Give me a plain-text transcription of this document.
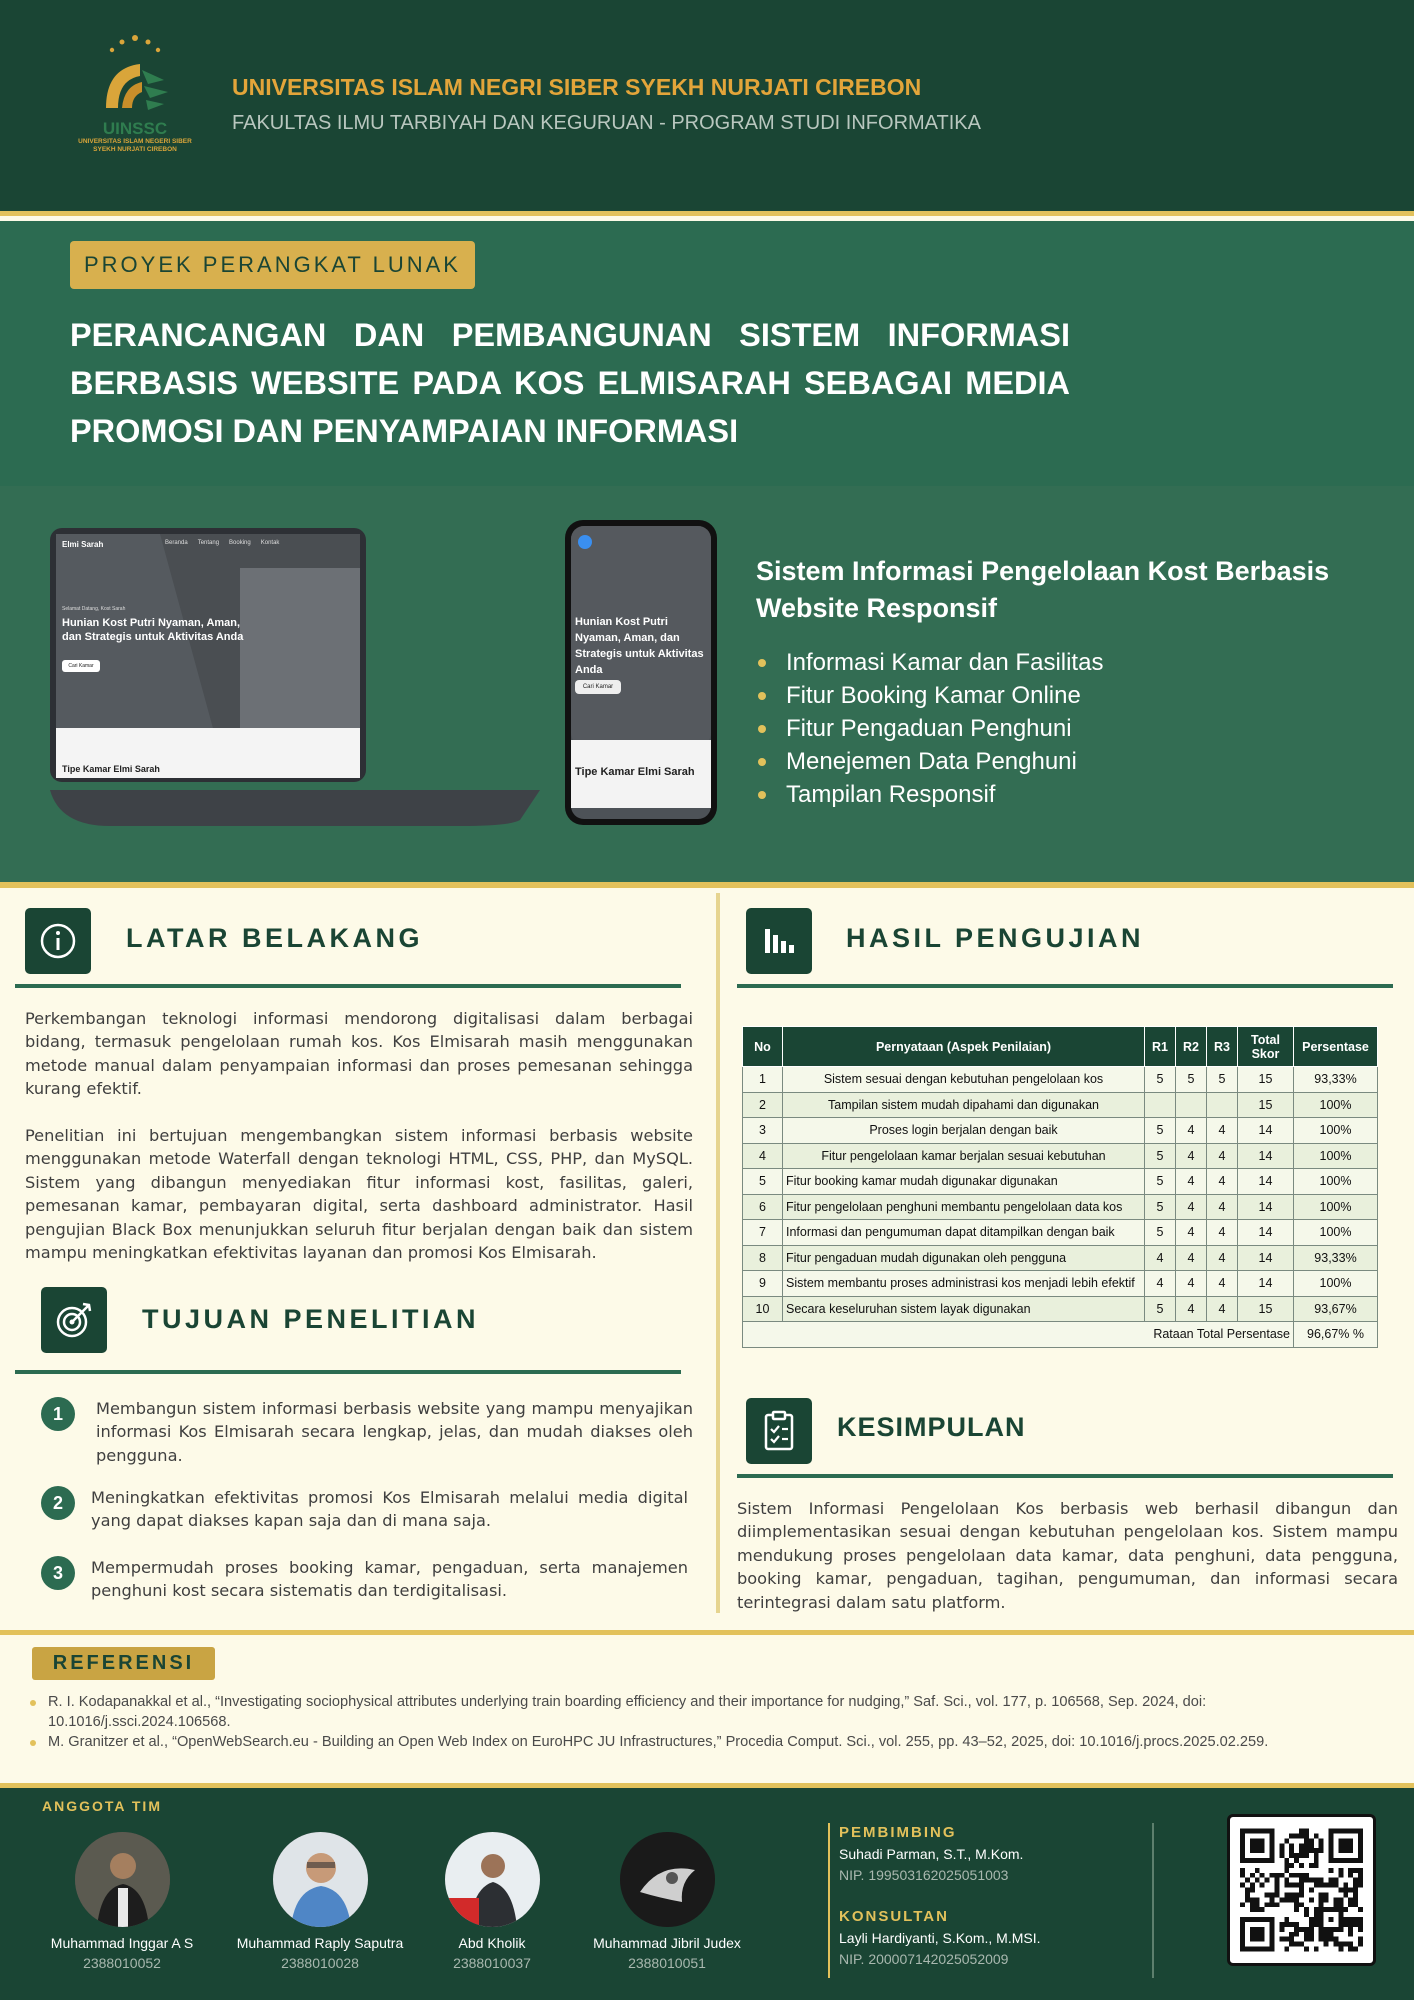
UINSSC
UNIVERSITAS ISLAM NEGERI SIBER SYEKH NURJATI CIREBON
UNIVERSITAS ISLAM NEGRI SIBER SYEKH NURJATI CIREBON
FAKULTAS ILMU TARBIYAH DAN KEGURUAN - PROGRAM STUDI INFORMATIKA
PROYEK PERANGKAT LUNAK
PERANCANGAN DAN PEMBANGUNAN SISTEM INFORMASI BERBASIS WEBSITE PADA KOS ELMISARAH SEBAGAI MEDIA PROMOSI DAN PENYAMPAIAN INFORMASI
Elmi Sarah	Beranda Tentang Booking Kontak
Selamat Datang, Kost Sarah
Hunian Kost Putri Nyaman, Aman, dan Strategis untuk Aktivitas Anda
Cari Kamar
Tipe Kamar Elmi Sarah
Hunian Kost Putri Nyaman, Aman, dan Strategis untuk Aktivitas Anda
Cari Kamar
Tipe Kamar Elmi Sarah
Sistem Informasi Pengelolaan Kost Berbasis Website Responsif
Informasi Kamar dan Fasilitas
Fitur Booking Kamar Online
Fitur Pengaduan Penghuni
Menejemen Data Penghuni
Tampilan Responsif
LATAR BELAKANG
Perkembangan teknologi informasi mendorong digitalisasi dalam berbagai bidang, termasuk pengelolaan rumah kos. Kos Elmisarah masih menggunakan metode manual dalam penyampaian informasi dan proses pemesanan sehingga kurang efektif.
Penelitian ini bertujuan mengembangkan sistem informasi berbasis website menggunakan metode Waterfall dengan teknologi HTML, CSS, PHP, dan MySQL. Sistem yang dibangun menyediakan fitur informasi kost, fasilitas, galeri, pemesanan kamar, pembayaran digital, serta dashboard administrator. Hasil pengujian Black Box menunjukkan seluruh fitur berjalan dengan baik dan sistem mampu meningkatkan efektivitas layanan dan promosi Kos Elmisarah.
TUJUAN PENELITIAN
1	Membangun sistem informasi berbasis website yang mampu menyajikan informasi Kos Elmisarah secara lengkap, jelas, dan mudah diakses oleh pengguna.
2	Meningkatkan efektivitas promosi Kos Elmisarah melalui media digital yang dapat diakses kapan saja dan di mana saja.
3	Mempermudah proses booking kamar, pengaduan, serta manajemen penghuni kost secara sistematis dan terdigitalisasi.
HASIL PENGUJIAN
No	Pernyataan (Aspek Penilaian)	R1	R2	R3	Total Skor	Persentase
1	Sistem sesuai dengan kebutuhan pengelolaan kos	5	5	5	15	93,33%
2	Tampilan sistem mudah dipahami dan digunakan				15	100%
3	Proses login berjalan dengan baik	5	4	4	14	100%
4	Fitur pengelolaan kamar berjalan sesuai kebutuhan	5	4	4	14	100%
5	Fitur booking kamar mudah digunakar digunakan	5	4	4	14	100%
6	Fitur pengelolaan penghuni membantu pengelolaan data kos	5	4	4	14	100%
7	Informasi dan pengumuman dapat ditampilkan dengan baik	5	4	4	14	100%
8	Fitur pengaduan mudah digunakan oleh pengguna	4	4	4	14	93,33%
9	Sistem membantu proses administrasi kos menjadi lebih efektif	4	4	4	14	100%
10	Secara keseluruhan sistem layak digunakan	5	4	4	15	93,67%
Rataan Total Persentase						96,67% %
KESIMPULAN
Sistem Informasi Pengelolaan Kos berbasis web berhasil dibangun dan diimplementasikan sesuai dengan kebutuhan pengelolaan kos. Sistem mampu mendukung proses pengelolaan data kamar, data penghuni, data pengguna, booking kamar, pengaduan, tagihan, pengumuman, dan informasi secara terintegrasi dalam satu platform.
REFERENSI
R. I. Kodapanakkal et al., “Investigating sociophysical attributes underlying train boarding efficiency and their importance for nudging,” Saf. Sci., vol. 177, p. 106568, Sep. 2024, doi: 10.1016/j.ssci.2024.106568.
M. Granitzer et al., “OpenWebSearch.eu - Building an Open Web Index on EuroHPC JU Infrastructures,” Procedia Comput. Sci., vol. 255, pp. 43–52, 2025, doi: 10.1016/j.procs.2025.02.259.
ANGGOTA TIM
Muhammad Inggar A S
2388010052
Muhammad Raply Saputra
2388010028
Abd Kholik
2388010037
Muhammad Jibril Judex
2388010051
PEMBIMBING
Suhadi Parman, S.T., M.Kom.
NIP. 199503162025051003
KONSULTAN
Layli Hardiyanti, S.Kom., M.MSI.
NIP. 200007142025052009
